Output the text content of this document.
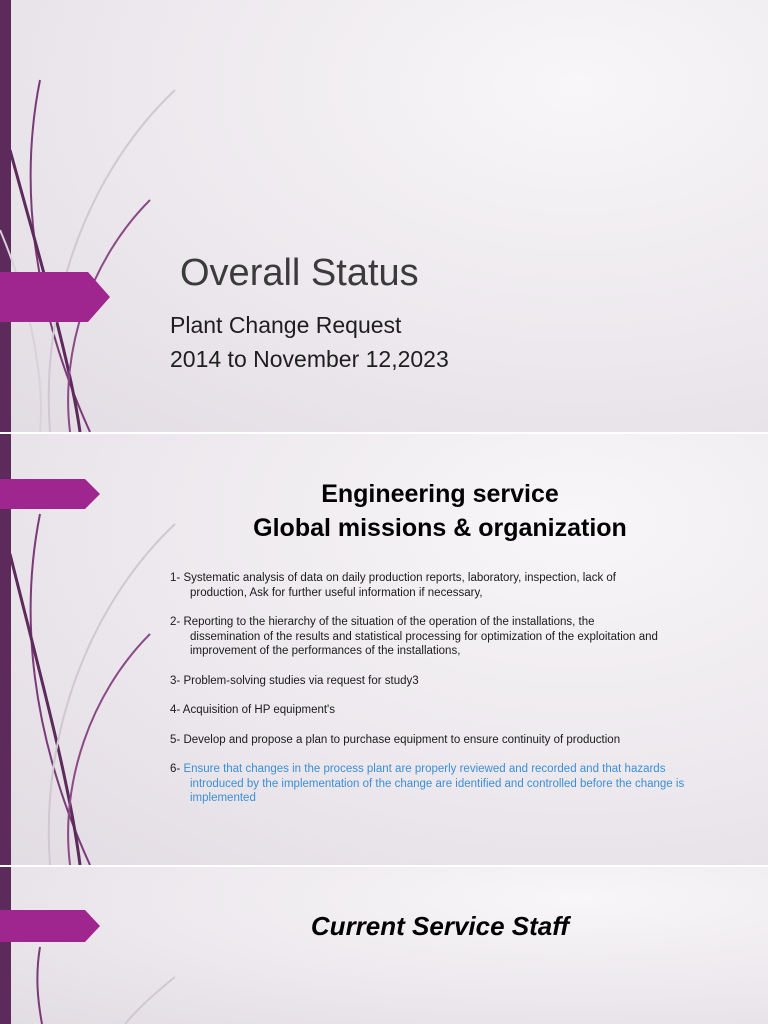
Overall Status
Plant Change Request
2014 to November 12,2023
Engineering service
Global missions & organization
1- Systematic analysis of data on daily production reports, laboratory, inspection, lack of
production, Ask for further useful information if necessary,
2- Reporting to the hierarchy of the situation of the operation of the installations, the
dissemination of the results and statistical processing for optimization of the exploitation and
improvement of the performances of the installations,
3- Problem-solving studies via request for study3
4- Acquisition of HP equipment's
5- Develop and propose a plan to purchase equipment to ensure continuity of production
6- Ensure that changes in the process plant are properly reviewed and recorded and that hazards
introduced by the implementation of the change are identified and controlled before the change is
implemented
Current Service Staff
